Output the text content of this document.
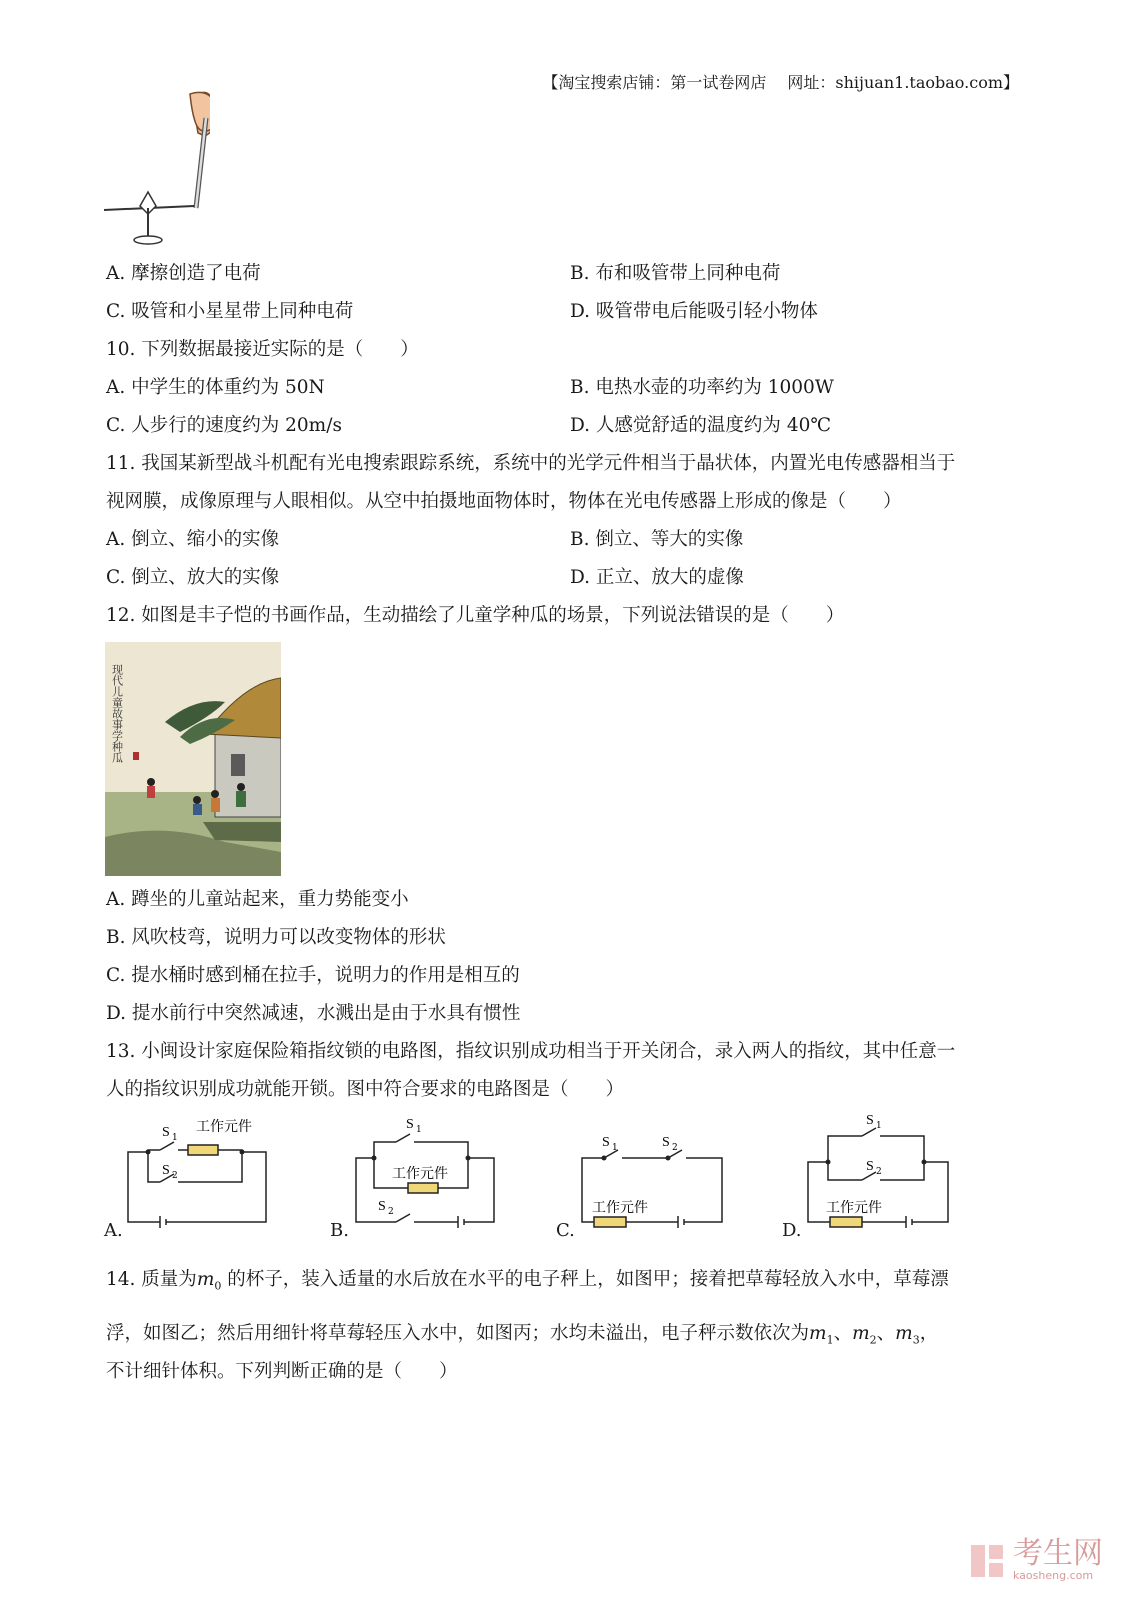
【淘宝搜索店铺：第一试卷网店　 网址：shijuan1.taobao.com】
A. 摩擦创造了电荷	B. 布和吸管带上同种电荷
C. 吸管和小星星带上同种电荷	D. 吸管带电后能吸引轻小物体
10. 下列数据最接近实际的是（　　）
A. 中学生的体重约为 50N	B. 电热水壶的功率约为 1000W
C. 人步行的速度约为 20m/s	D. 人感觉舒适的温度约为 40℃
11. 我国某新型战斗机配有光电搜索跟踪系统，系统中的光学元件相当于晶状体，内置光电传感器相当于
视网膜，成像原理与人眼相似。从空中拍摄地面物体时，物体在光电传感器上形成的像是（　　）
A. 倒立、缩小的实像	B. 倒立、等大的实像
C. 倒立、放大的实像	D. 正立、放大的虚像
12. 如图是丰子恺的书画作品，生动描绘了儿童学种瓜的场景，下列说法错误的是（　　）
现代儿童故事学种瓜
A. 蹲坐的儿童站起来，重力势能变小
B. 风吹枝弯，说明力可以改变物体的形状
C. 提水桶时感到桶在拉手，说明力的作用是相互的
D. 提水前行中突然减速，水溅出是由于水具有惯性
13. 小闽设计家庭保险箱指纹锁的电路图，指纹识别成功相当于开关闭合，录入两人的指纹，其中任意一
人的指纹识别成功就能开锁。图中符合要求的电路图是（　　）
S 1
工作元件
S 2
A.
S 1
工作元件
S 2
B.
S 1	S 2
工作元件
C.
S 1
S 2
工作元件
D.
14. 质量为$m_0$ 的杯子，装入适量的水后放在水平的电子秤上，如图甲；接着把草莓轻放入水中，草莓漂
浮，如图乙；然后用细针将草莓轻压入水中，如图丙；水均未溢出，电子秤示数依次为$m_1$、$m_2$、$m_3$，
不计细针体积。下列判断正确的是（　　）
考生网
kaosheng.com
